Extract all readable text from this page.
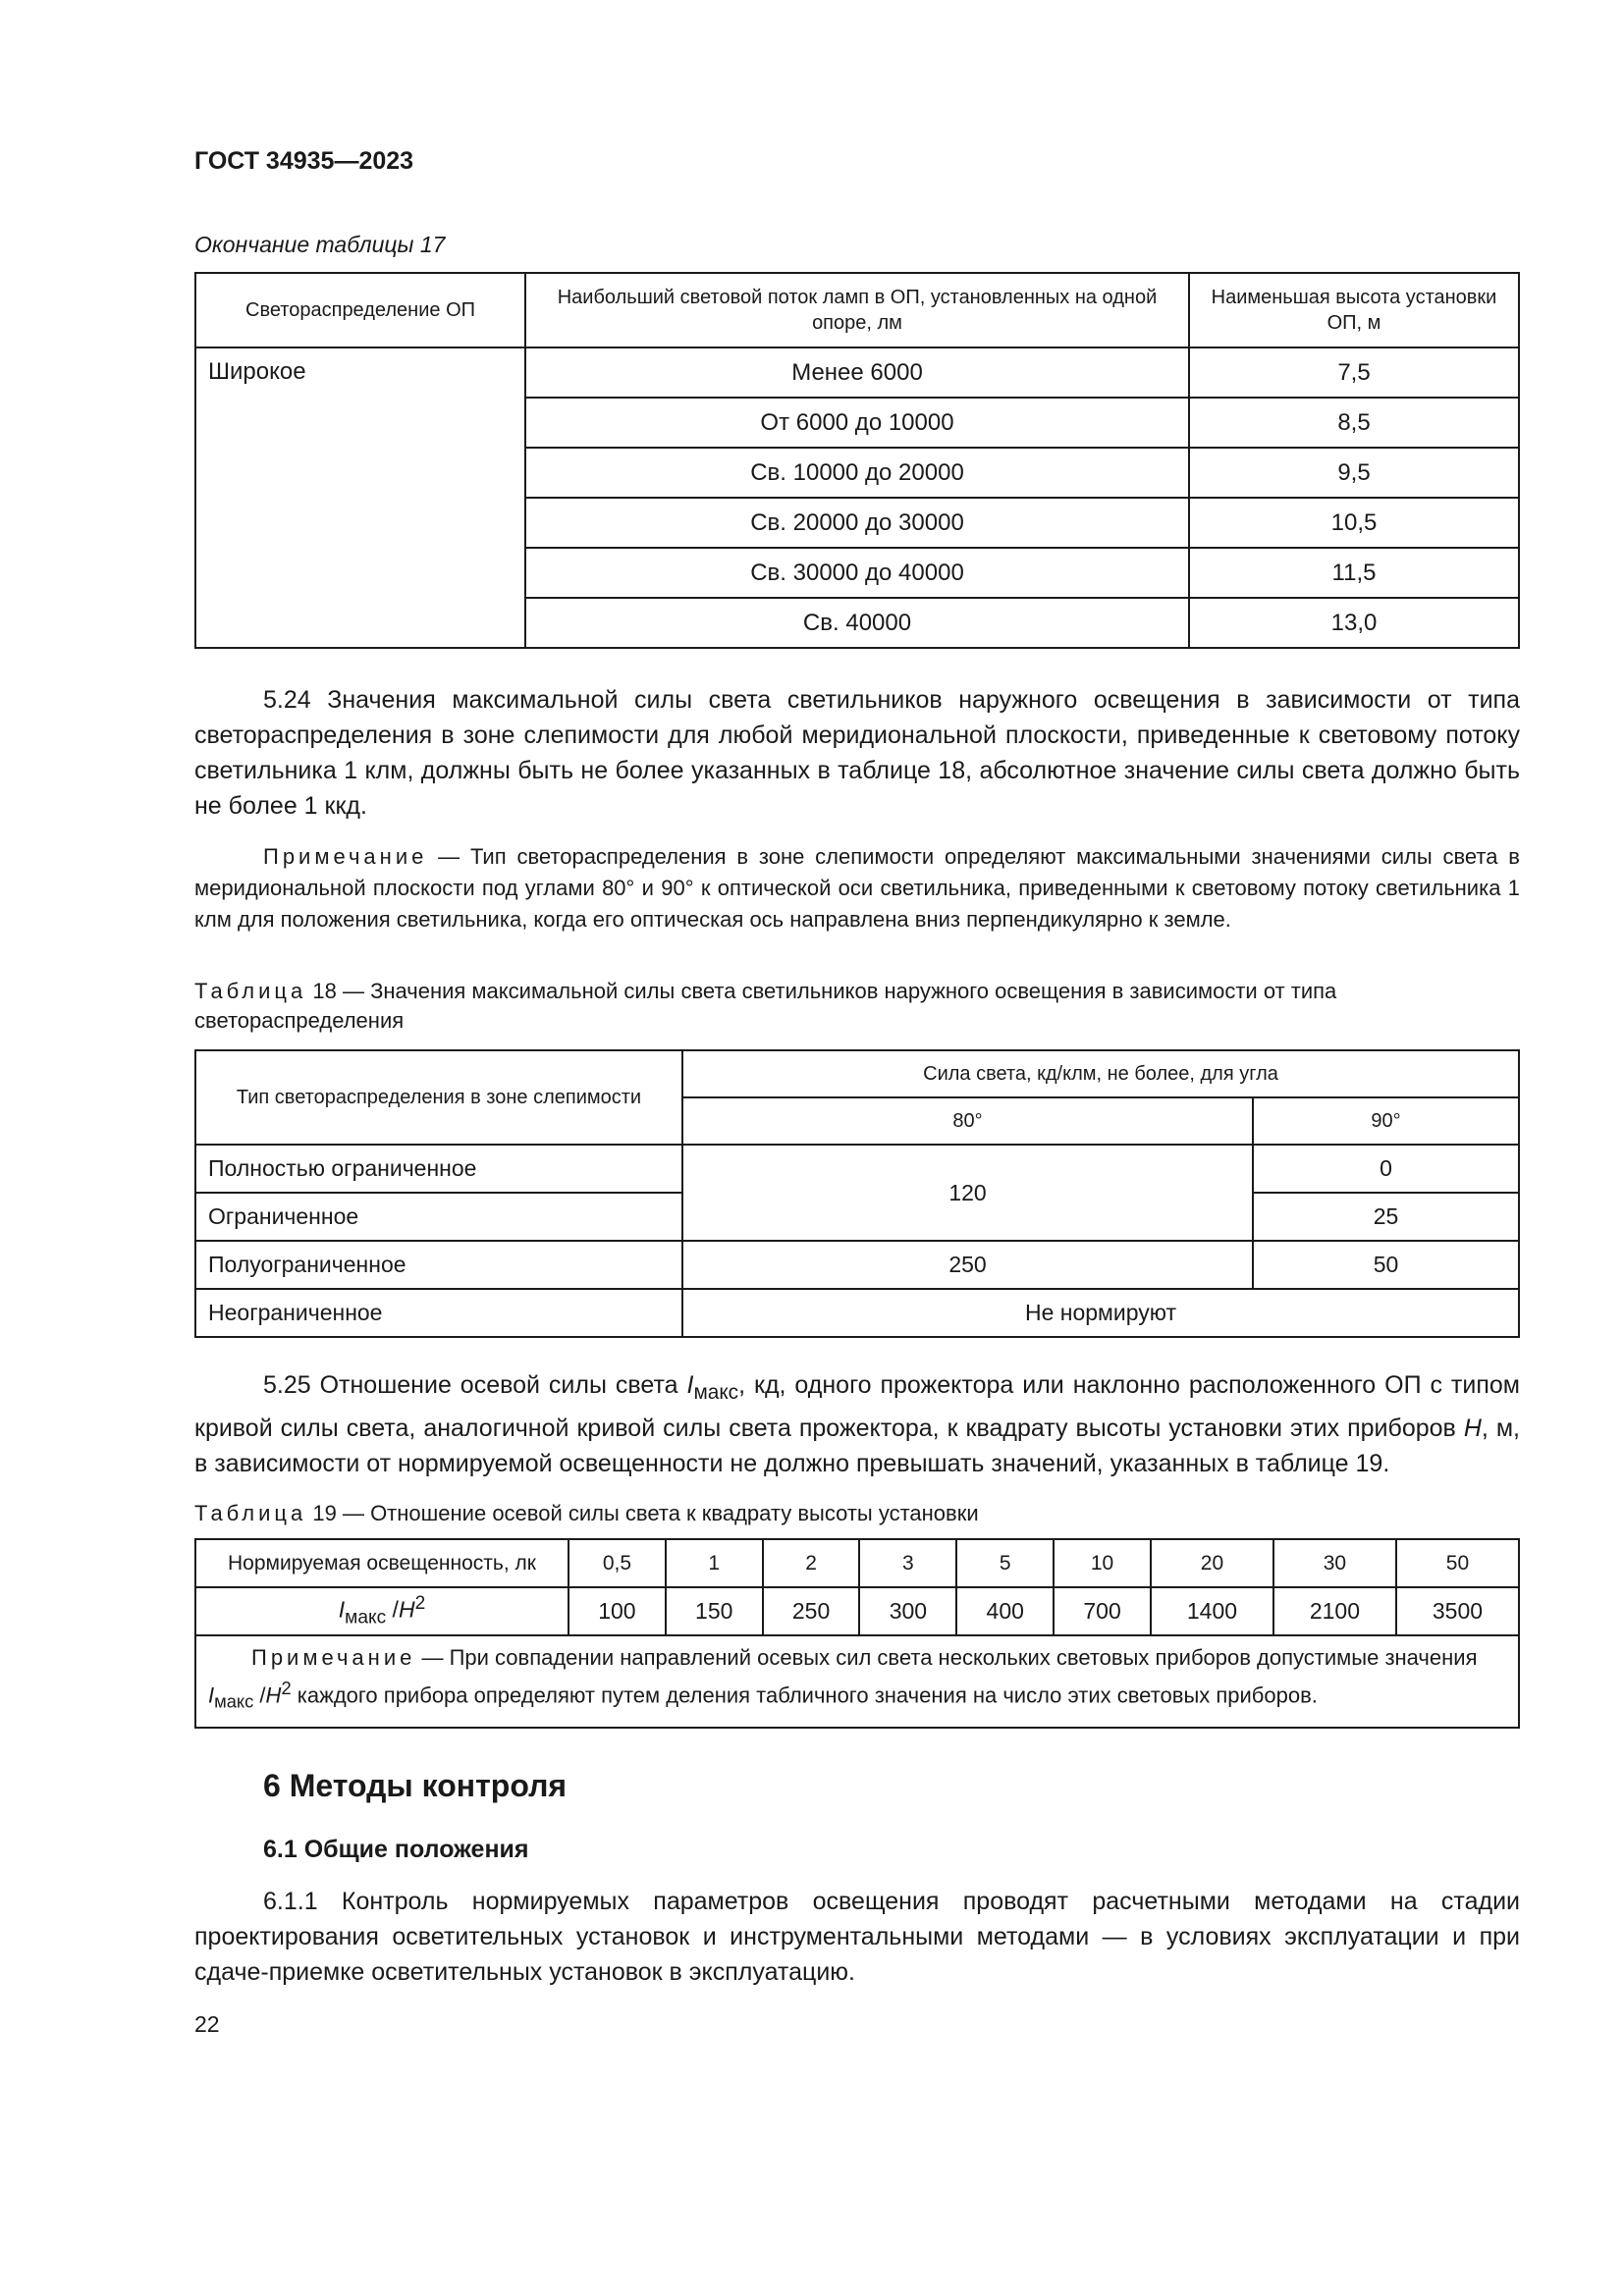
ГОСТ 34935—2023
Окончание таблицы 17
Светораспределение ОП	Наибольший световой поток ламп в ОП, установленных на одной опоре, лм	Наименьшая высота установки ОП, м
Широкое	Менее 6000	7,5
	От 6000 до 10000	8,5
	Св. 10000 до 20000	9,5
	Св. 20000 до 30000	10,5
	Св. 30000 до 40000	11,5
	Св. 40000	13,0

5.24 Значения максимальной силы света светильников наружного освещения в зависимости от типа светораспределения в зоне слепимости для любой меридиональной плоскости, приведенные к световому потоку светильника 1 клм, должны быть не более указанных в таблице 18, абсолютное значение силы света должно быть не более 1 ккд.

Примечание — Тип светораспределения в зоне слепимости определяют максимальными значениями силы света в меридиональной плоскости под углами 80° и 90° к оптической оси светильника, приведенными к световому потоку светильника 1 клм для положения светильника, когда его оптическая ось направлена вниз перпендикулярно к земле.

Таблица 18 — Значения максимальной силы света светильников наружного освещения в зависимости от типа светораспределения

Тип светораспределения в зоне слепимости	Сила света, кд/клм, не более, для угла	
	80°	90°
Полностью ограниченное	120	0
Ограниченное		25
Полуограниченное	250	50
Неограниченное	Не нормируют	

5.25 Отношение осевой силы света $I_{макс}$, кд, одного прожектора или наклонно расположенного ОП с типом кривой силы света, аналогичной кривой силы света прожектора, к квадрату высоты установки этих приборов H, м, в зависимости от нормируемой освещенности не должно превышать значений, указанных в таблице 19.

Таблица 19 — Отношение осевой силы света к квадрату высоты установки

Нормируемая освещенность, лк	0,5	1	2	3	5	10	20	30	50
$I_{макс}$ $/H^2$	100	150	250	300	400	700	1400	2100	3500
Примечание — При совпадении направлений осевых сил света нескольких световых приборов допустимые значения $I_{макс}$ $/H^2$ каждого прибора определяют путем деления табличного значения на число этих световых приборов.									
6 Методы контроля
6.1 Общие положения

6.1.1 Контроль нормируемых параметров освещения проводят расчетными методами на стадии проектирования осветительных установок и инструментальными методами — в условиях эксплуатации и при сдаче-приемке осветительных установок в эксплуатацию.

22
